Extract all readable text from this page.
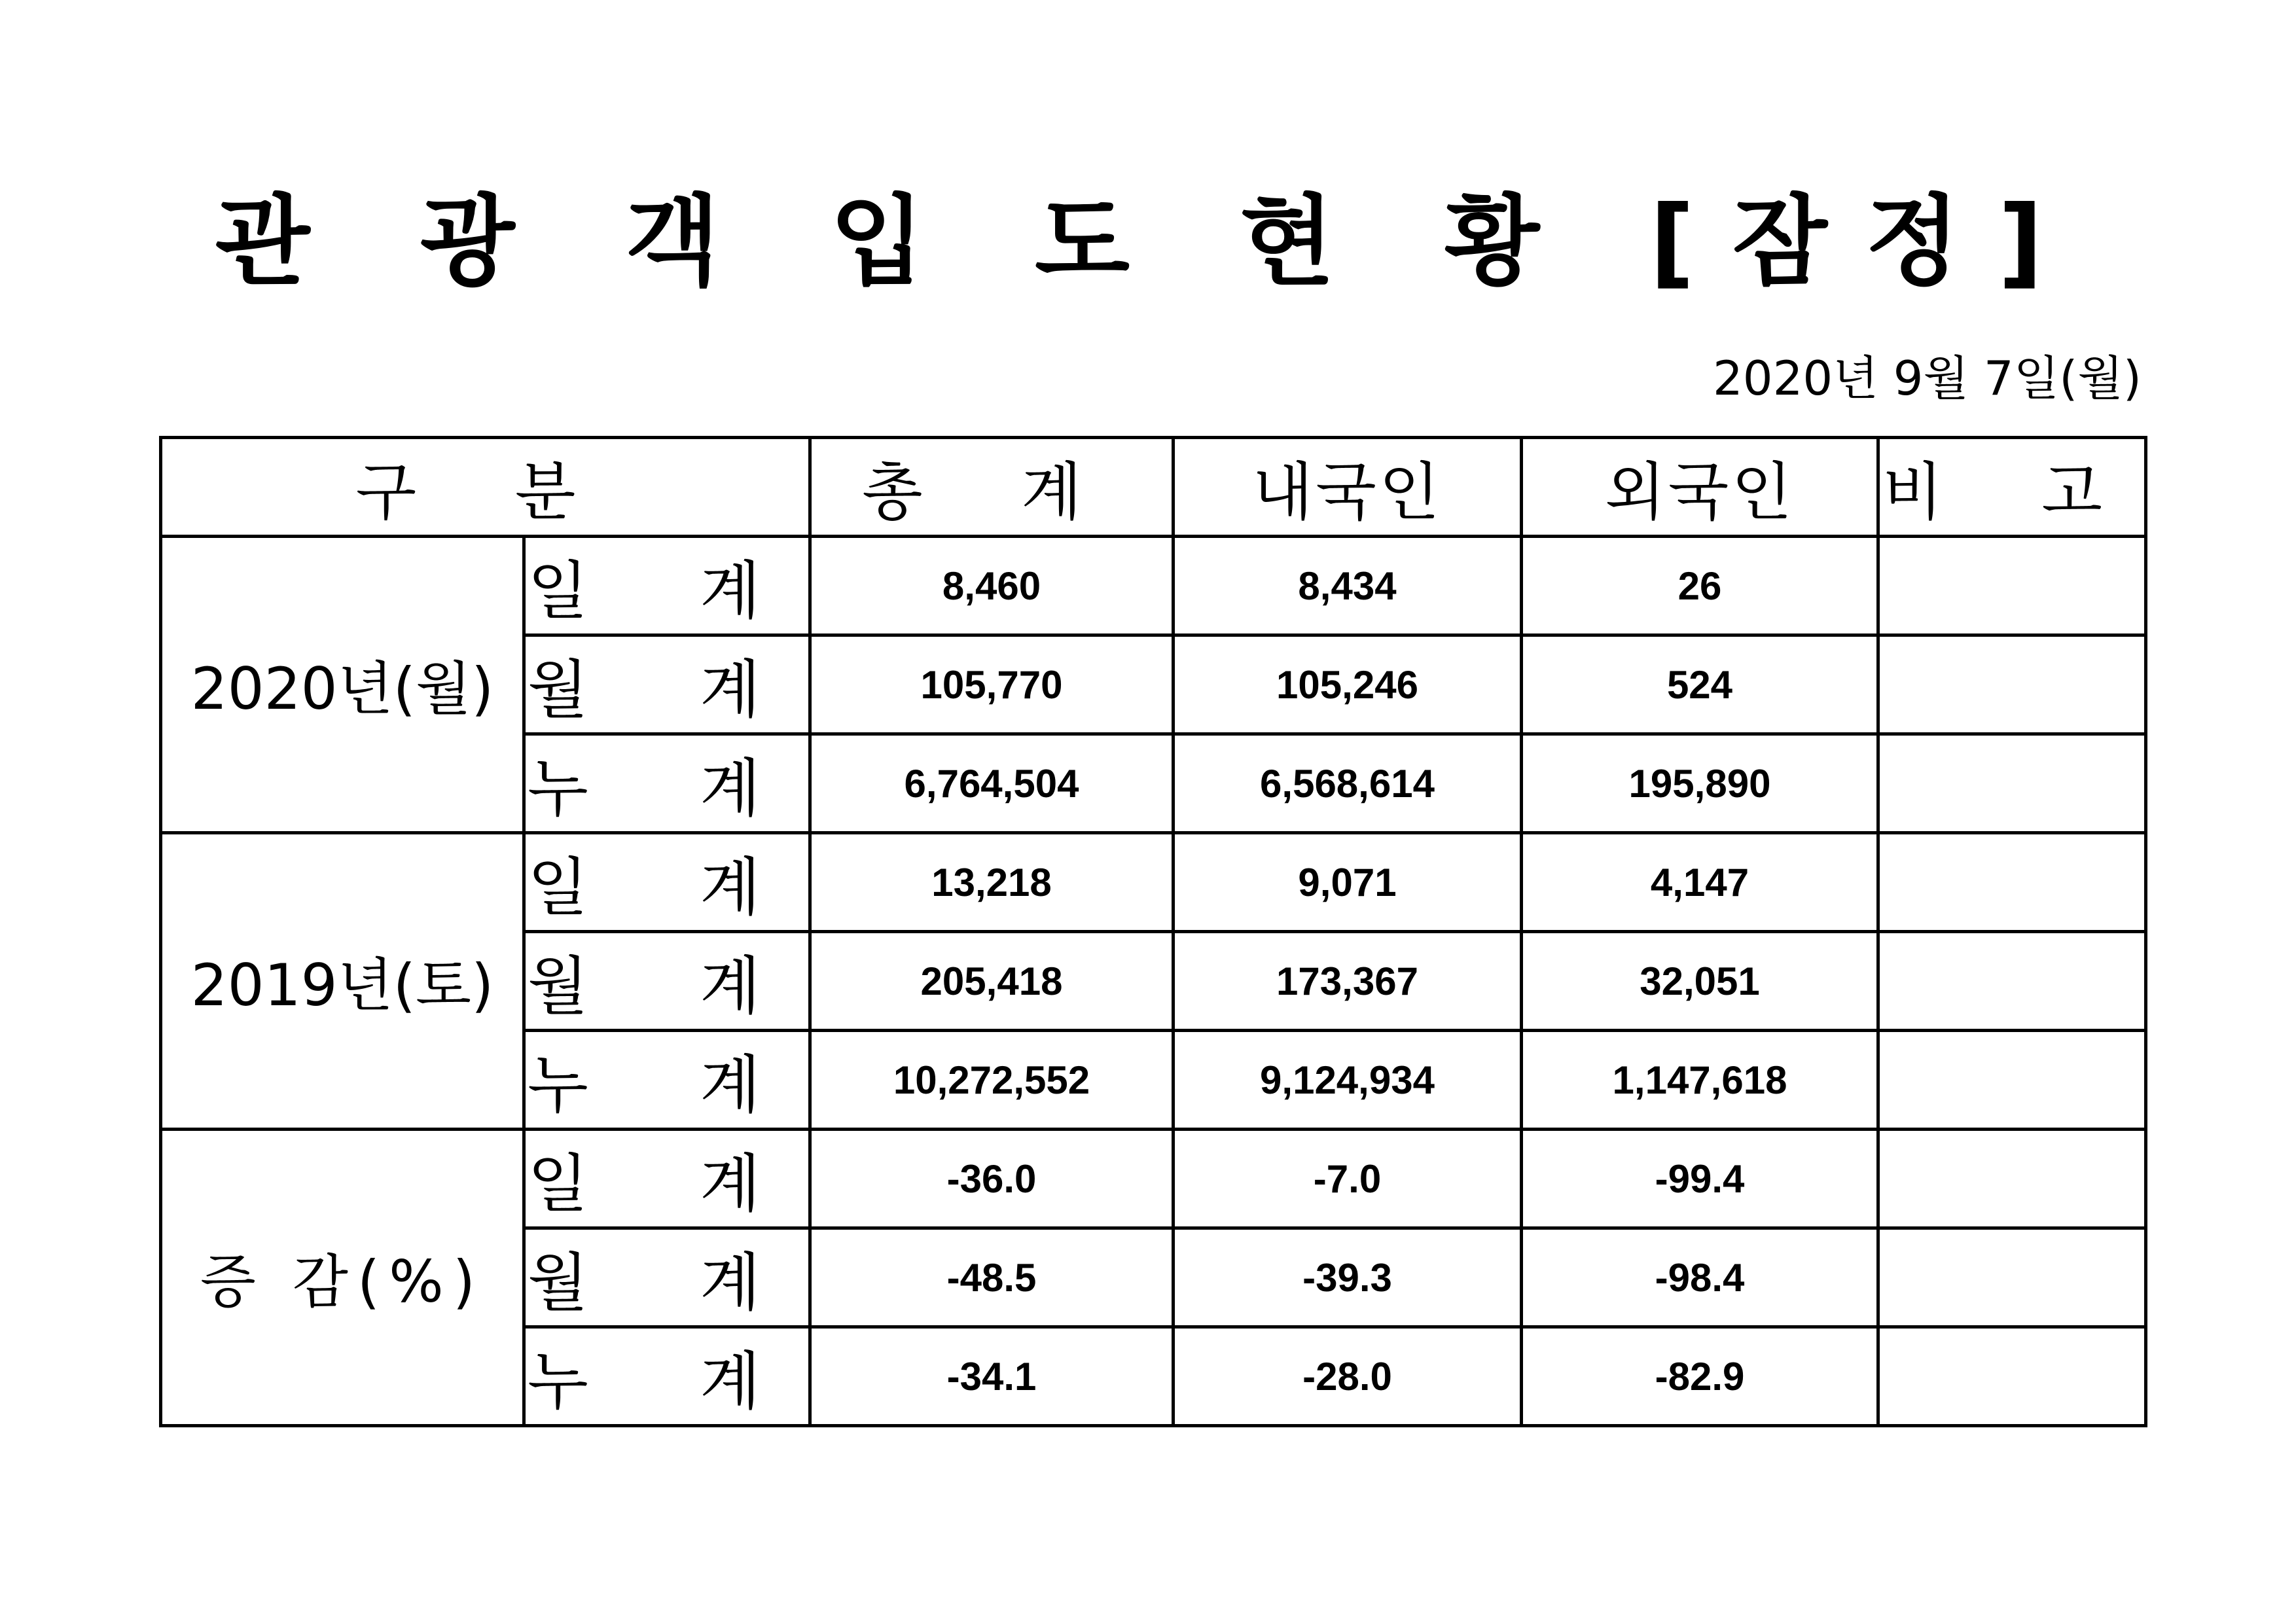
관 광 객 입 도 현 황 [잠정]
2020년 9월 7일(월)
구 분		총 계	내국인	외국인	비 고
2020년(월)	일 계	8,460	8,434	26	
	월 계	105,770	105,246	524	
	누 계	6,764,504	6,568,614	195,890	
2019년(토)	일 계	13,218	9,071	4,147	
	월 계	205,418	173,367	32,051	
	누 계	10,272,552	9,124,934	1,147,618	
증 감(%)	일 계	-36.0	-7.0	-99.4	
	월 계	-48.5	-39.3	-98.4	
	누 계	-34.1	-28.0	-82.9	
